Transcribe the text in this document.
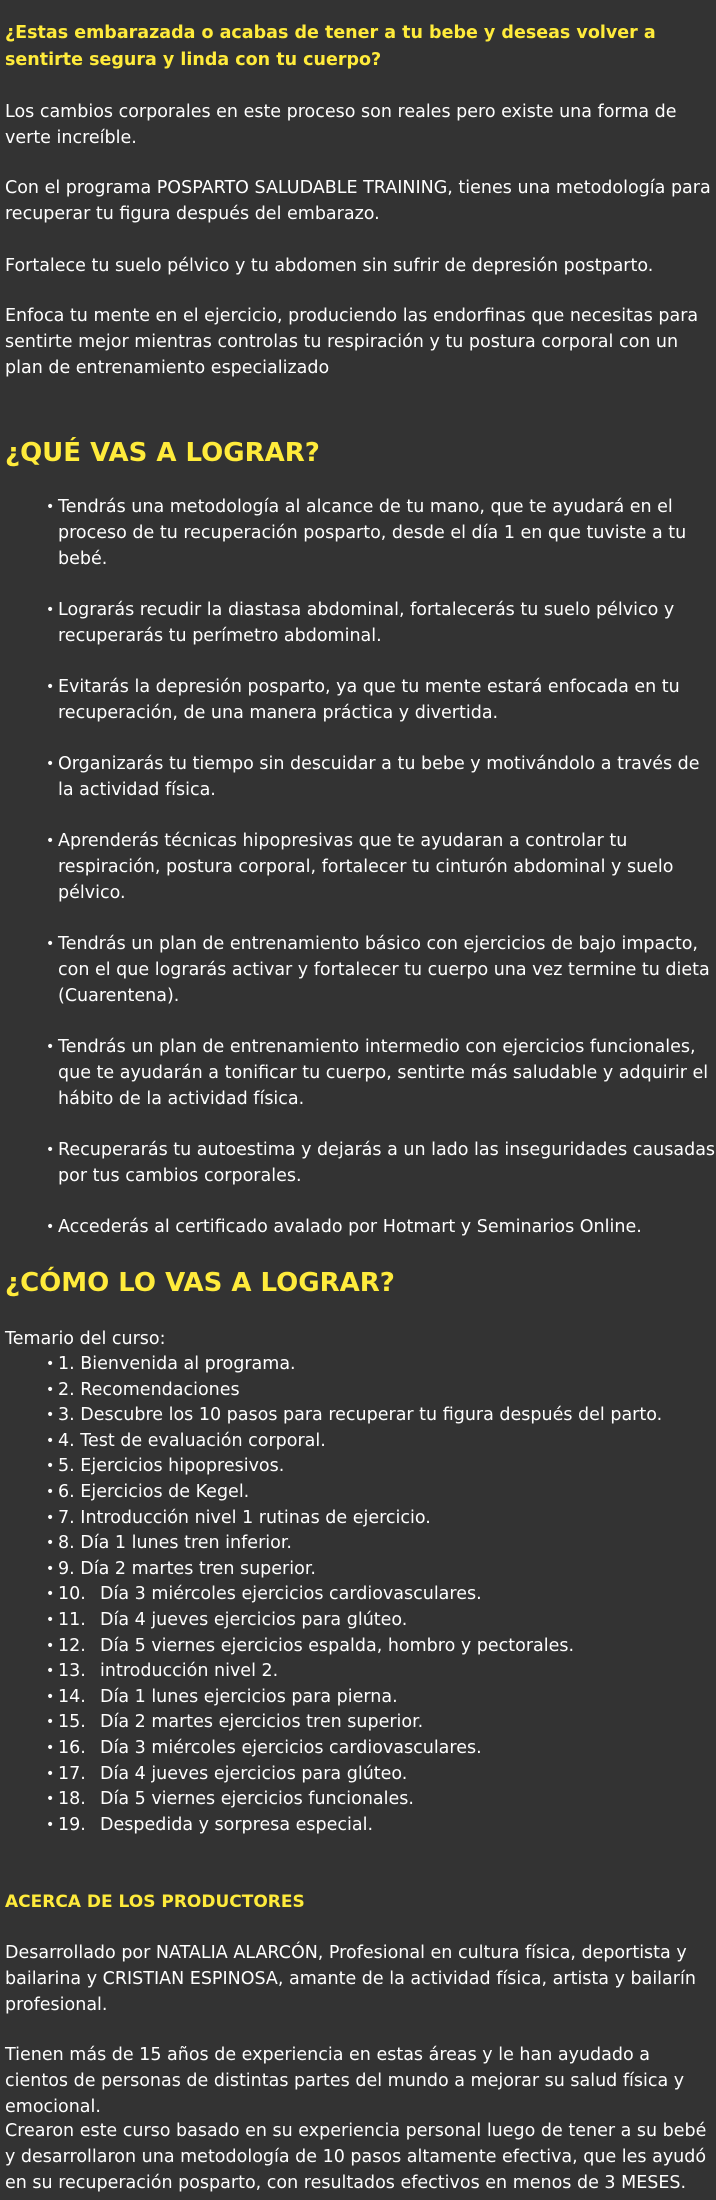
¿Estas embarazada o acabas de tener a tu bebe y deseas volver a sentirte segura y linda con tu cuerpo?

Los cambios corporales en este proceso son reales pero existe una forma de verte increíble.

Con el programa POSPARTO SALUDABLE TRAINING, tienes una metodología para recuperar tu figura después del embarazo.

Fortalece tu suelo pélvico y tu abdomen sin sufrir de depresión postparto.

Enfoca tu mente en el ejercicio, produciendo las endorfinas que necesitas para sentirte mejor mientras controlas tu respiración y tu postura corporal con un plan de entrenamiento especializado

¿QUÉ VAS A LOGRAR?
• Tendrás una metodología al alcance de tu mano, que te ayudará en el proceso de tu recuperación posparto, desde el día 1 en que tuviste a tu bebé.
• Lograrás recudir la diastasa abdominal, fortalecerás tu suelo pélvico y recuperarás tu perímetro abdominal.
• Evitarás la depresión posparto, ya que tu mente estará enfocada en tu recuperación, de una manera práctica y divertida.
• Organizarás tu tiempo sin descuidar a tu bebe y motivándolo a través de la actividad física.
• Aprenderás técnicas hipopresivas que te ayudaran a controlar tu respiración, postura corporal, fortalecer tu cinturón abdominal y suelo pélvico.
• Tendrás un plan de entrenamiento básico con ejercicios de bajo impacto, con el que lograrás activar y fortalecer tu cuerpo una vez termine tu dieta (Cuarentena).
• Tendrás un plan de entrenamiento intermedio con ejercicios funcionales, que te ayudarán a tonificar tu cuerpo, sentirte más saludable y adquirir el hábito de la actividad física.
• Recuperarás tu autoestima y dejarás a un lado las inseguridades causadas por tus cambios corporales.
• Accederás al certificado avalado por Hotmart y Seminarios Online.
¿CÓMO LO VAS A LOGRAR?

Temario del curso:

• 1. Bienvenida al programa.
• 2. Recomendaciones
• 3. Descubre los 10 pasos para recuperar tu figura después del parto.
• 4. Test de evaluación corporal.
• 5. Ejercicios hipopresivos.
• 6. Ejercicios de Kegel.
• 7. Introducción nivel 1 rutinas de ejercicio.
• 8. Día 1 lunes tren inferior.
• 9. Día 2 martes tren superior.
• 10. Día 3 miércoles ejercicios cardiovasculares.
• 11. Día 4 jueves ejercicios para glúteo.
• 12. Día 5 viernes ejercicios espalda, hombro y pectorales.
• 13. introducción nivel 2.
• 14. Día 1 lunes ejercicios para pierna.
• 15. Día 2 martes ejercicios tren superior.
• 16. Día 3 miércoles ejercicios cardiovasculares.
• 17. Día 4 jueves ejercicios para glúteo.
• 18. Día 5 viernes ejercicios funcionales.
• 19. Despedida y sorpresa especial.
ACERCA DE LOS PRODUCTORES

Desarrollado por NATALIA ALARCÓN, Profesional en cultura física, deportista y bailarina y CRISTIAN ESPINOSA, amante de la actividad física, artista y bailarín profesional.

Tienen más de 15 años de experiencia en estas áreas y le han ayudado a cientos de personas de distintas partes del mundo a mejorar su salud física y emocional.

Crearon este curso basado en su experiencia personal luego de tener a su bebé y desarrollaron una metodología de 10 pasos altamente efectiva, que les ayudó en su recuperación posparto, con resultados efectivos en menos de 3 MESES.
